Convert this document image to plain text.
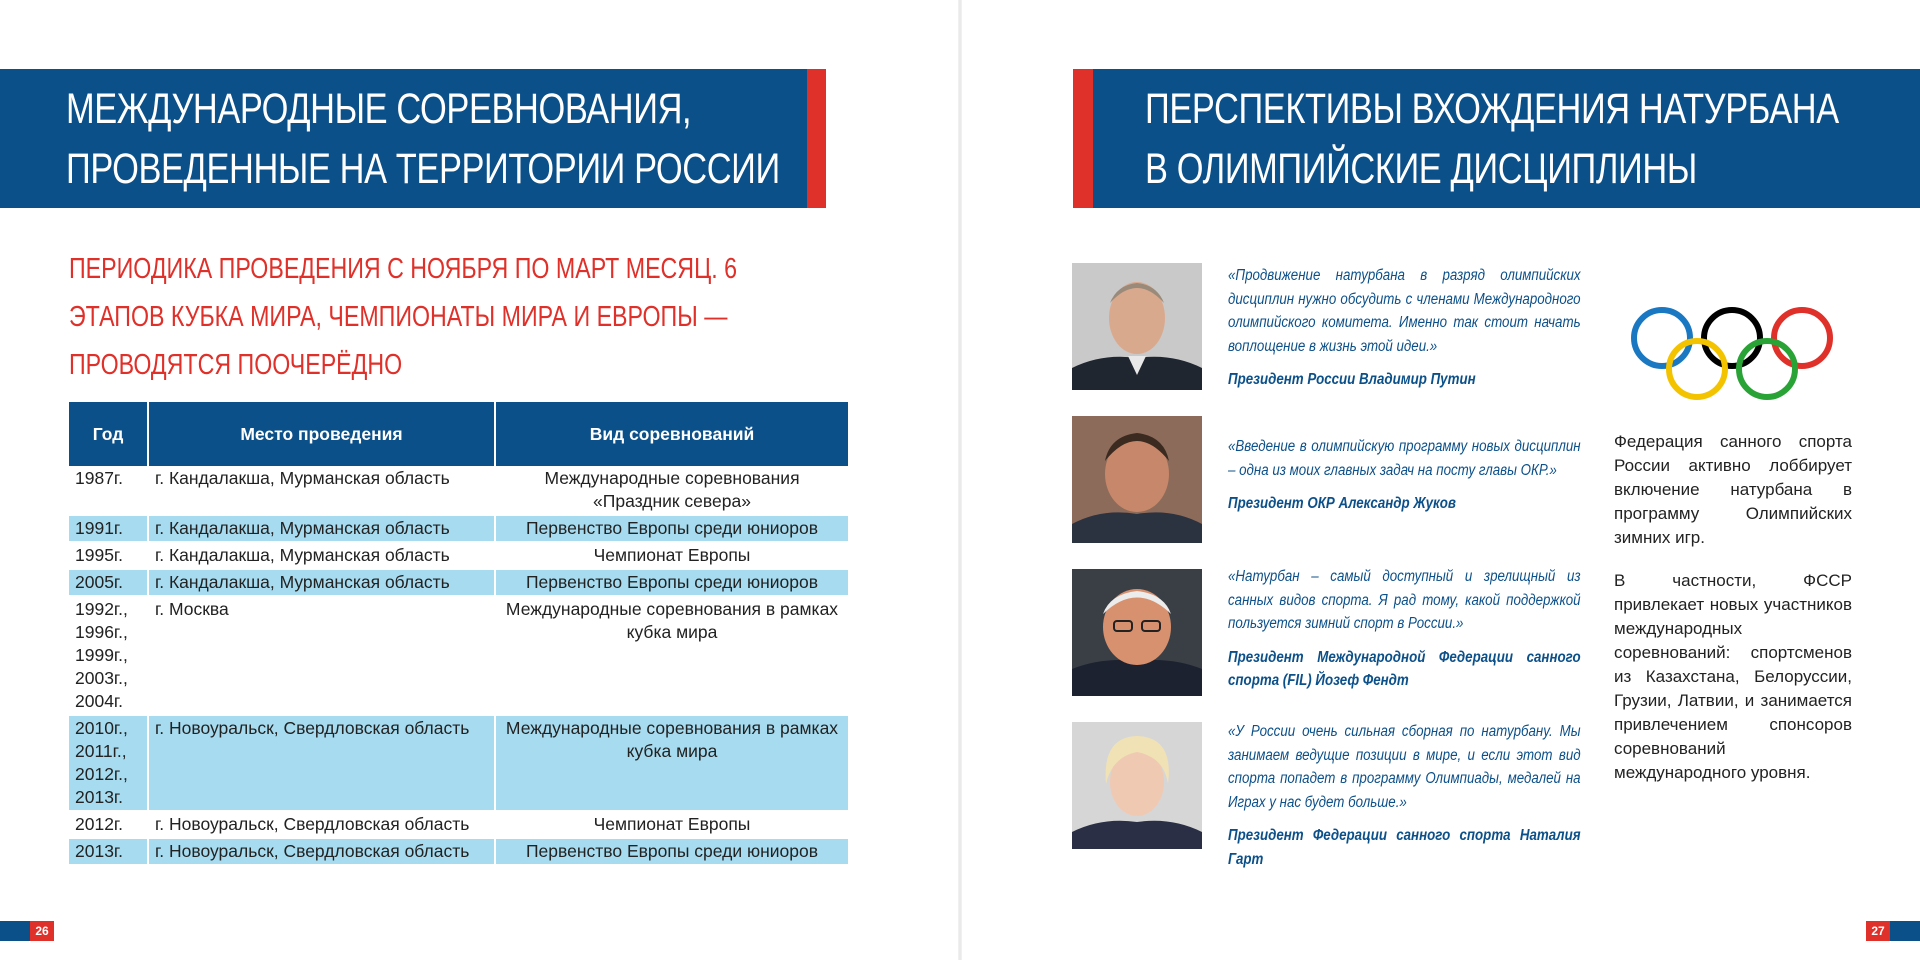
МЕЖДУНАРОДНЫЕ СОРЕВНОВАНИЯ,
ПРОВЕДЕННЫЕ НА ТЕРРИТОРИИ РОССИИ
ПЕРИОДИКА ПРОВЕДЕНИЯ С НОЯБРЯ ПО МАРТ МЕСЯЦ. 6 ЭТАПОВ КУБКА МИРА, ЧЕМПИОНАТЫ МИРА И ЕВРОПЫ — ПРОВОДЯТСЯ ПООЧЕРЁДНО
Год	Место проведения	Вид соревнований
1987г.	г. Кандалакша, Мурманская область	Международные соревнования «Праздник севера»
1991г.	г. Кандалакша, Мурманская область	Первенство Европы среди юниоров
1995г.	г. Кандалакша, Мурманская область	Чемпионат Европы
2005г.	г. Кандалакша, Мурманская область	Первенство Европы среди юниоров
1992г., 1996г., 1999г., 2003г., 2004г.	г. Москва	Международные соревнования в рамках кубка мира
2010г., 2011г., 2012г., 2013г.	г. Новоуральск, Свердловская область	Международные соревнования в рамках кубка мира
2012г.	г. Новоуральск, Свердловская область	Чемпионат Европы
2013г.	г. Новоуральск, Свердловская область	Первенство Европы среди юниоров
26
ПЕРСПЕКТИВЫ ВХОЖДЕНИЯ НАТУРБАНА
В ОЛИМПИЙСКИЕ ДИСЦИПЛИНЫ
«Продвижение натурбана в разряд олимпийских дисциплин нужно обсудить с членами Международного олимпийского комитета. Именно так стоит начать воплощение в жизнь этой идеи.»
Президент России Владимир Путин
«Введение в олимпийскую программу новых дисциплин – одна из моих главных задач на посту главы ОКР.»
Президент ОКР Александр Жуков
«Натурбан – самый доступный и зрелищный из санных видов спорта. Я рад тому, какой поддержкой пользуется зимний спорт в России.»
Президент Международной Федерации санного спорта (FIL) Йозеф Фендт
«У России очень сильная сборная по натурбану. Мы занимаем ведущие позиции в мире, и если этот вид спорта попадет в программу Олимпиады, медалей на Играх у нас будет больше.»
Президент Федерации санного спорта Наталия Гарт
Федерация санного спорта России активно лоббирует включение натурбана в программу Олимпийских зимних игр.
В частности, ФССР привлекает новых участников международных соревнований: спортсменов из Казахстана, Белоруссии, Грузии, Латвии, и занимается привлечением спонсоров соревнований международного уровня.
27
